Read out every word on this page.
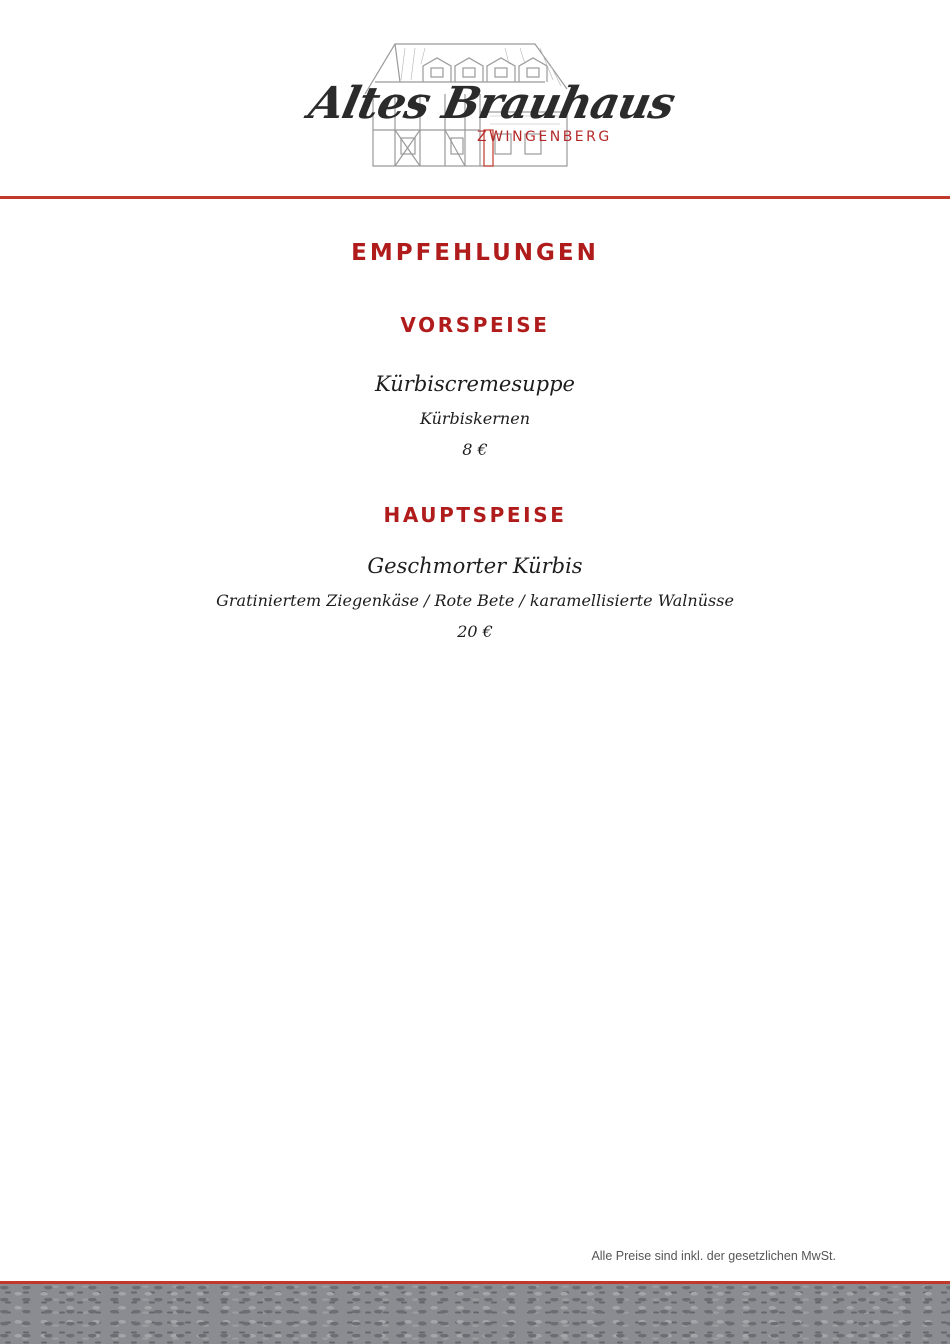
Altes Brauhaus
ZWINGENBERG
EMPFEHLUNGEN
VORSPEISE

Kürbiscremesuppe

Kürbiskernen

8 €

HAUPTSPEISE

Geschmorter Kürbis

Gratiniertem Ziegenkäse / Rote Bete / karamellisierte Walnüsse

20 €

Alle Preise sind inkl. der gesetzlichen MwSt.
